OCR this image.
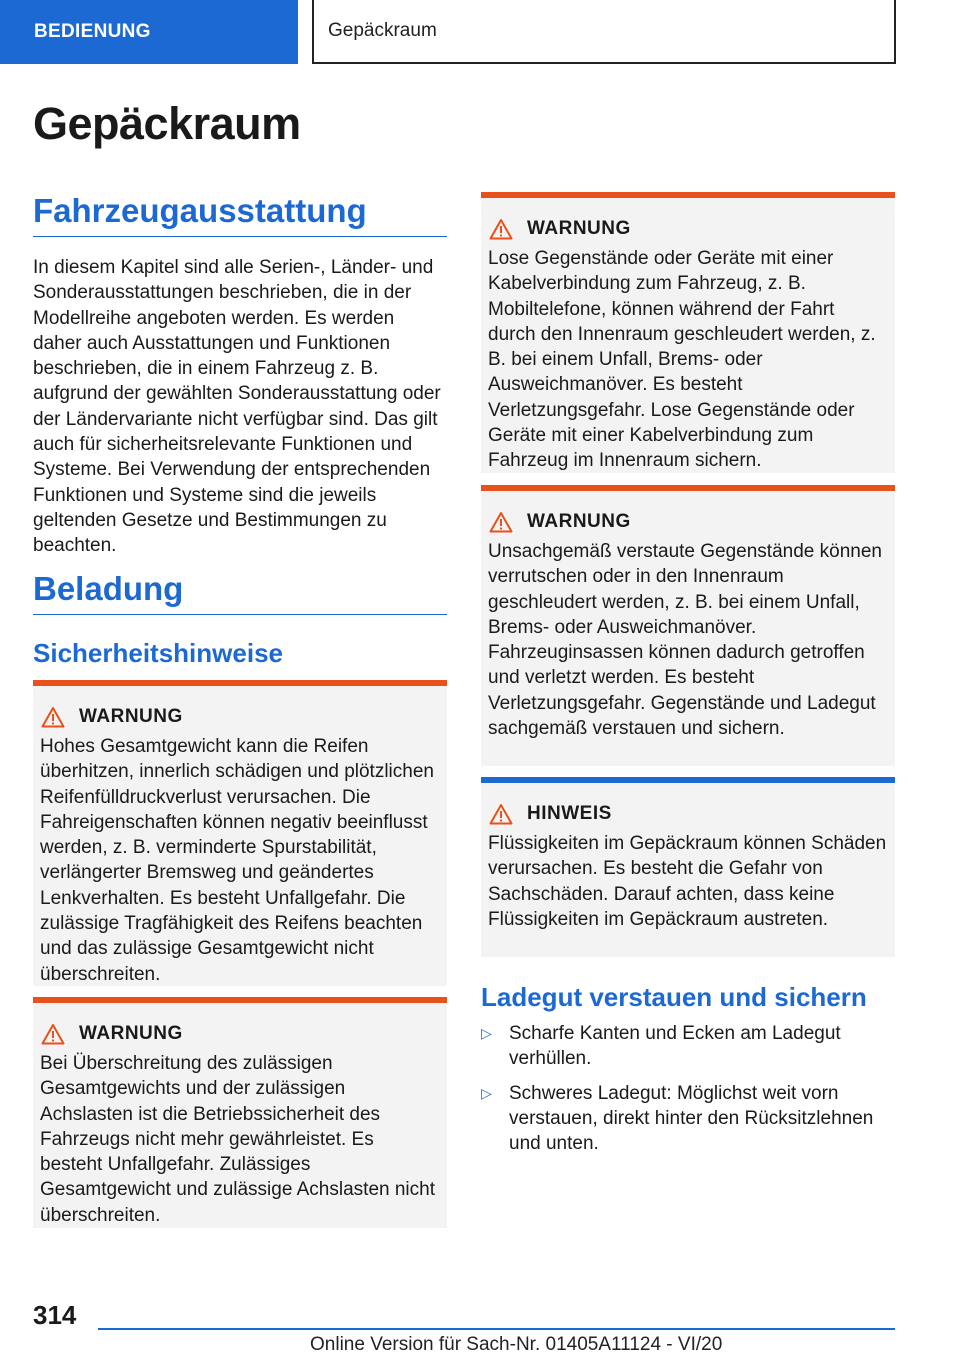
BEDIENUNG	Gepäckraum
Gepäckraum
Fahrzeugausstattung

In diesem Kapitel sind alle Serien-, Länder- und Sonderausstattungen beschrieben, die in der Modellreihe angeboten werden. Es werden daher auch Ausstattungen und Funktionen beschrieben, die in einem Fahrzeug z. B. aufgrund der gewählten Sonderausstattung oder der Ländervariante nicht verfügbar sind. Das gilt auch für sicherheitsrelevante Funktionen und Systeme. Bei Verwendung der entsprechenden Funktionen und Systeme sind die jeweils geltenden Gesetze und Bestimmungen zu beachten.

Beladung
Sicherheitshinweise
WARNUNG

Hohes Gesamtgewicht kann die Reifen überhitzen, innerlich schädigen und plötzlichen Reifenfülldruckverlust verursachen. Die Fahreigenschaften können negativ beeinflusst werden, z. B. verminderte Spurstabilität, verlängerter Bremsweg und geändertes Lenkverhalten. Es besteht Unfallgefahr. Die zulässige Tragfähigkeit des Reifens beachten und das zulässige Gesamtgewicht nicht überschreiten.

WARNUNG

Bei Überschreitung des zulässigen Gesamtgewichts und der zulässigen Achslasten ist die Betriebssicherheit des Fahrzeugs nicht mehr gewährleistet. Es besteht Unfallgefahr. Zulässiges Gesamtgewicht und zulässige Achslasten nicht überschreiten.

WARNUNG

Lose Gegenstände oder Geräte mit einer Kabelverbindung zum Fahrzeug, z. B. Mobiltelefone, können während der Fahrt durch den Innenraum geschleudert werden, z. B. bei einem Unfall, Brems- oder Ausweichmanöver. Es besteht Verletzungsgefahr. Lose Gegenstände oder Geräte mit einer Kabelverbindung zum Fahrzeug im Innenraum sichern.

WARNUNG

Unsachgemäß verstaute Gegenstände können verrutschen oder in den Innenraum geschleudert werden, z. B. bei einem Unfall, Brems- oder Ausweichmanöver. Fahrzeuginsassen können dadurch getroffen und verletzt werden. Es besteht Verletzungsgefahr. Gegenstände und Ladegut sachgemäß verstauen und sichern.

HINWEIS

Flüssigkeiten im Gepäckraum können Schäden verursachen. Es besteht die Gefahr von Sachschäden. Darauf achten, dass keine Flüssigkeiten im Gepäckraum austreten.

Ladegut verstauen und sichern
▷ Scharfe Kanten und Ecken am Ladegut verhüllen.
▷ Schweres Ladegut: Möglichst weit vorn verstauen, direkt hinter den Rücksitzlehnen und unten.
314
Online Version für Sach-Nr. 01405A11124 - VI/20
